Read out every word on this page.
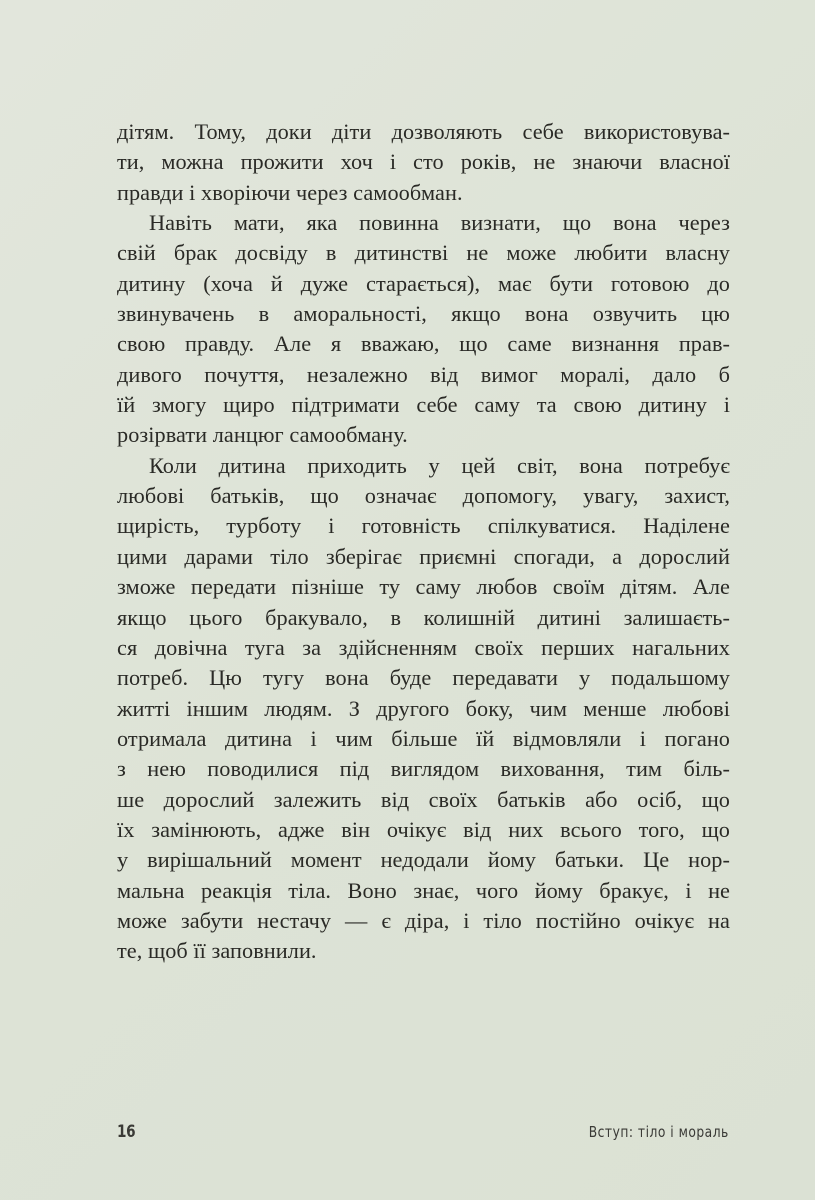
дітям. Тому, доки діти дозволяють себе використовува-
ти, можна прожити хоч і сто років, не знаючи власної
правди і хворіючи через самообман.

Навіть мати, яка повинна визнати, що вона через
свій брак досвіду в дитинстві не може любити власну
дитину (хоча й дуже старається), має бути готовою до
звинувачень в аморальності, якщо вона озвучить цю
свою правду. Але я вважаю, що саме визнання прав-
дивого почуття, незалежно від вимог моралі, дало б
їй змогу щиро підтримати себе саму та свою дитину і
розірвати ланцюг самообману.

Коли дитина приходить у цей світ, вона потребує
любові батьків, що означає допомогу, увагу, захист,
щирість, турботу і готовність спілкуватися. Наділене
цими дарами тіло зберігає приємні спогади, а дорослий
зможе передати пізніше ту саму любов своїм дітям. Але
якщо цього бракувало, в колишній дитині залишаєть-
ся довічна туга за здійсненням своїх перших нагальних
потреб. Цю тугу вона буде передавати у подальшому
житті іншим людям. З другого боку, чим менше любові
отримала дитина і чим більше їй відмовляли і погано
з нею поводилися під виглядом виховання, тим біль-
ше дорослий залежить від своїх батьків або осіб, що
їх замінюють, адже він очікує від них всього того, що
у вирішальний момент недодали йому батьки. Це нор-
мальна реакція тіла. Воно знає, чого йому бракує, і не
може забути нестачу — є діра, і тіло постійно очікує на
те, щоб її заповнили.

16	Вступ: тіло і мораль
